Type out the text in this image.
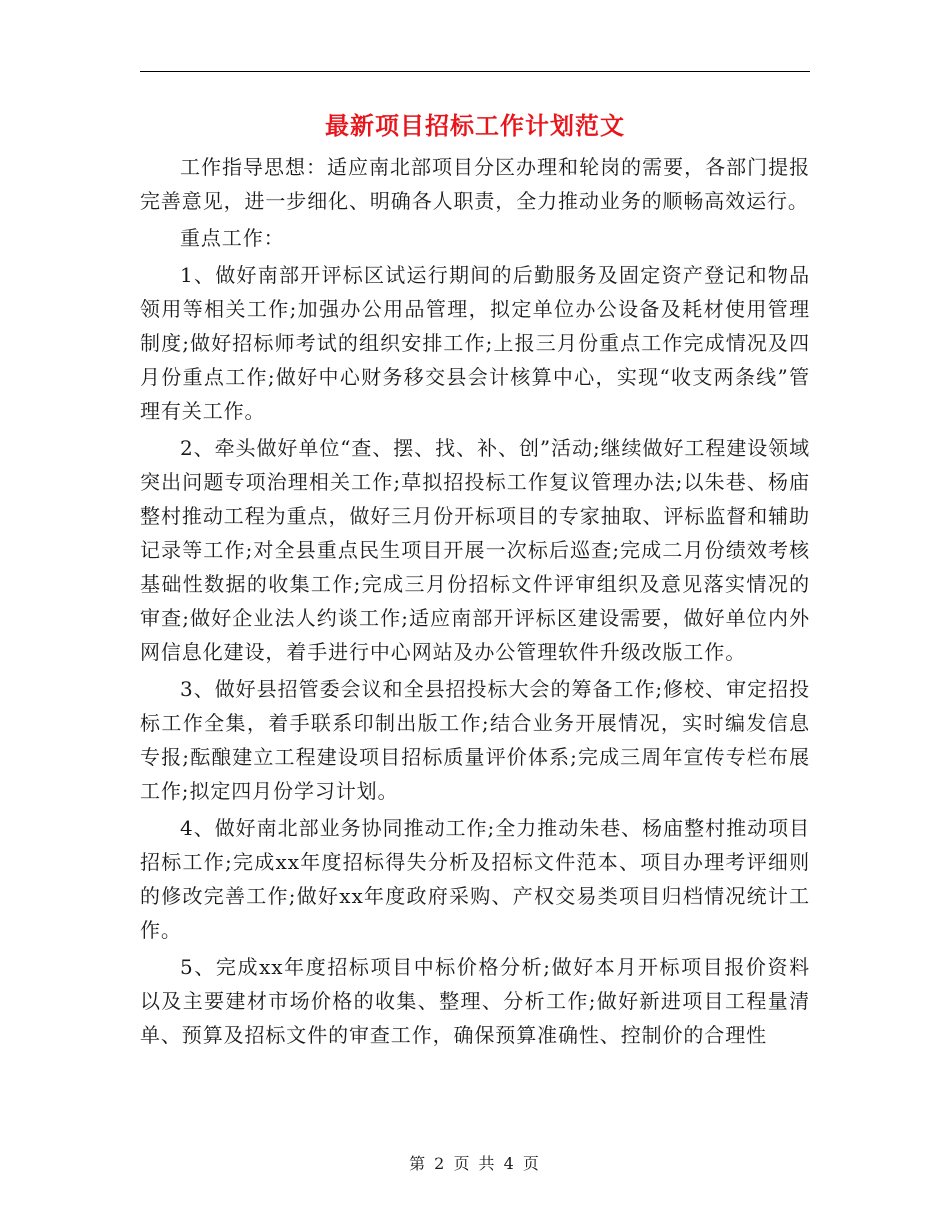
最新项目招标工作计划范文

工作指导思想：适应南北部项目分区办理和轮岗的需要，各部门提报完善意见，进一步细化、明确各人职责，全力推动业务的顺畅高效运行。

重点工作：

1、做好南部开评标区试运行期间的后勤服务及固定资产登记和物品领用等相关工作;加强办公用品管理，拟定单位办公设备及耗材使用管理制度;做好招标师考试的组织安排工作;上报三月份重点工作完成情况及四月份重点工作;做好中心财务移交县会计核算中心，实现“收支两条线”管理有关工作。

2、牵头做好单位“查、摆、找、补、创”活动;继续做好工程建设领域突出问题专项治理相关工作;草拟招投标工作复议管理办法;以朱巷、杨庙整村推动工程为重点，做好三月份开标项目的专家抽取、评标监督和辅助记录等工作;对全县重点民生项目开展一次标后巡查;完成二月份绩效考核基础性数据的收集工作;完成三月份招标文件评审组织及意见落实情况的审查;做好企业法人约谈工作;适应南部开评标区建设需要，做好单位内外网信息化建设，着手进行中心网站及办公管理软件升级改版工作。

3、做好县招管委会议和全县招投标大会的筹备工作;修校、审定招投标工作全集，着手联系印制出版工作;结合业务开展情况，实时编发信息专报;酝酿建立工程建设项目招标质量评价体系;完成三周年宣传专栏布展工作;拟定四月份学习计划。

4、做好南北部业务协同推动工作;全力推动朱巷、杨庙整村推动项目招标工作;完成xx年度招标得失分析及招标文件范本、项目办理考评细则的修改完善工作;做好xx年度政府采购、产权交易类项目归档情况统计工作。

5、完成xx年度招标项目中标价格分析;做好本月开标项目报价资料以及主要建材市场价格的收集、整理、分析工作;做好新进项目工程量清单、预算及招标文件的审查工作，确保预算准确性、控制价的合理性

第 2 页 共 4 页
